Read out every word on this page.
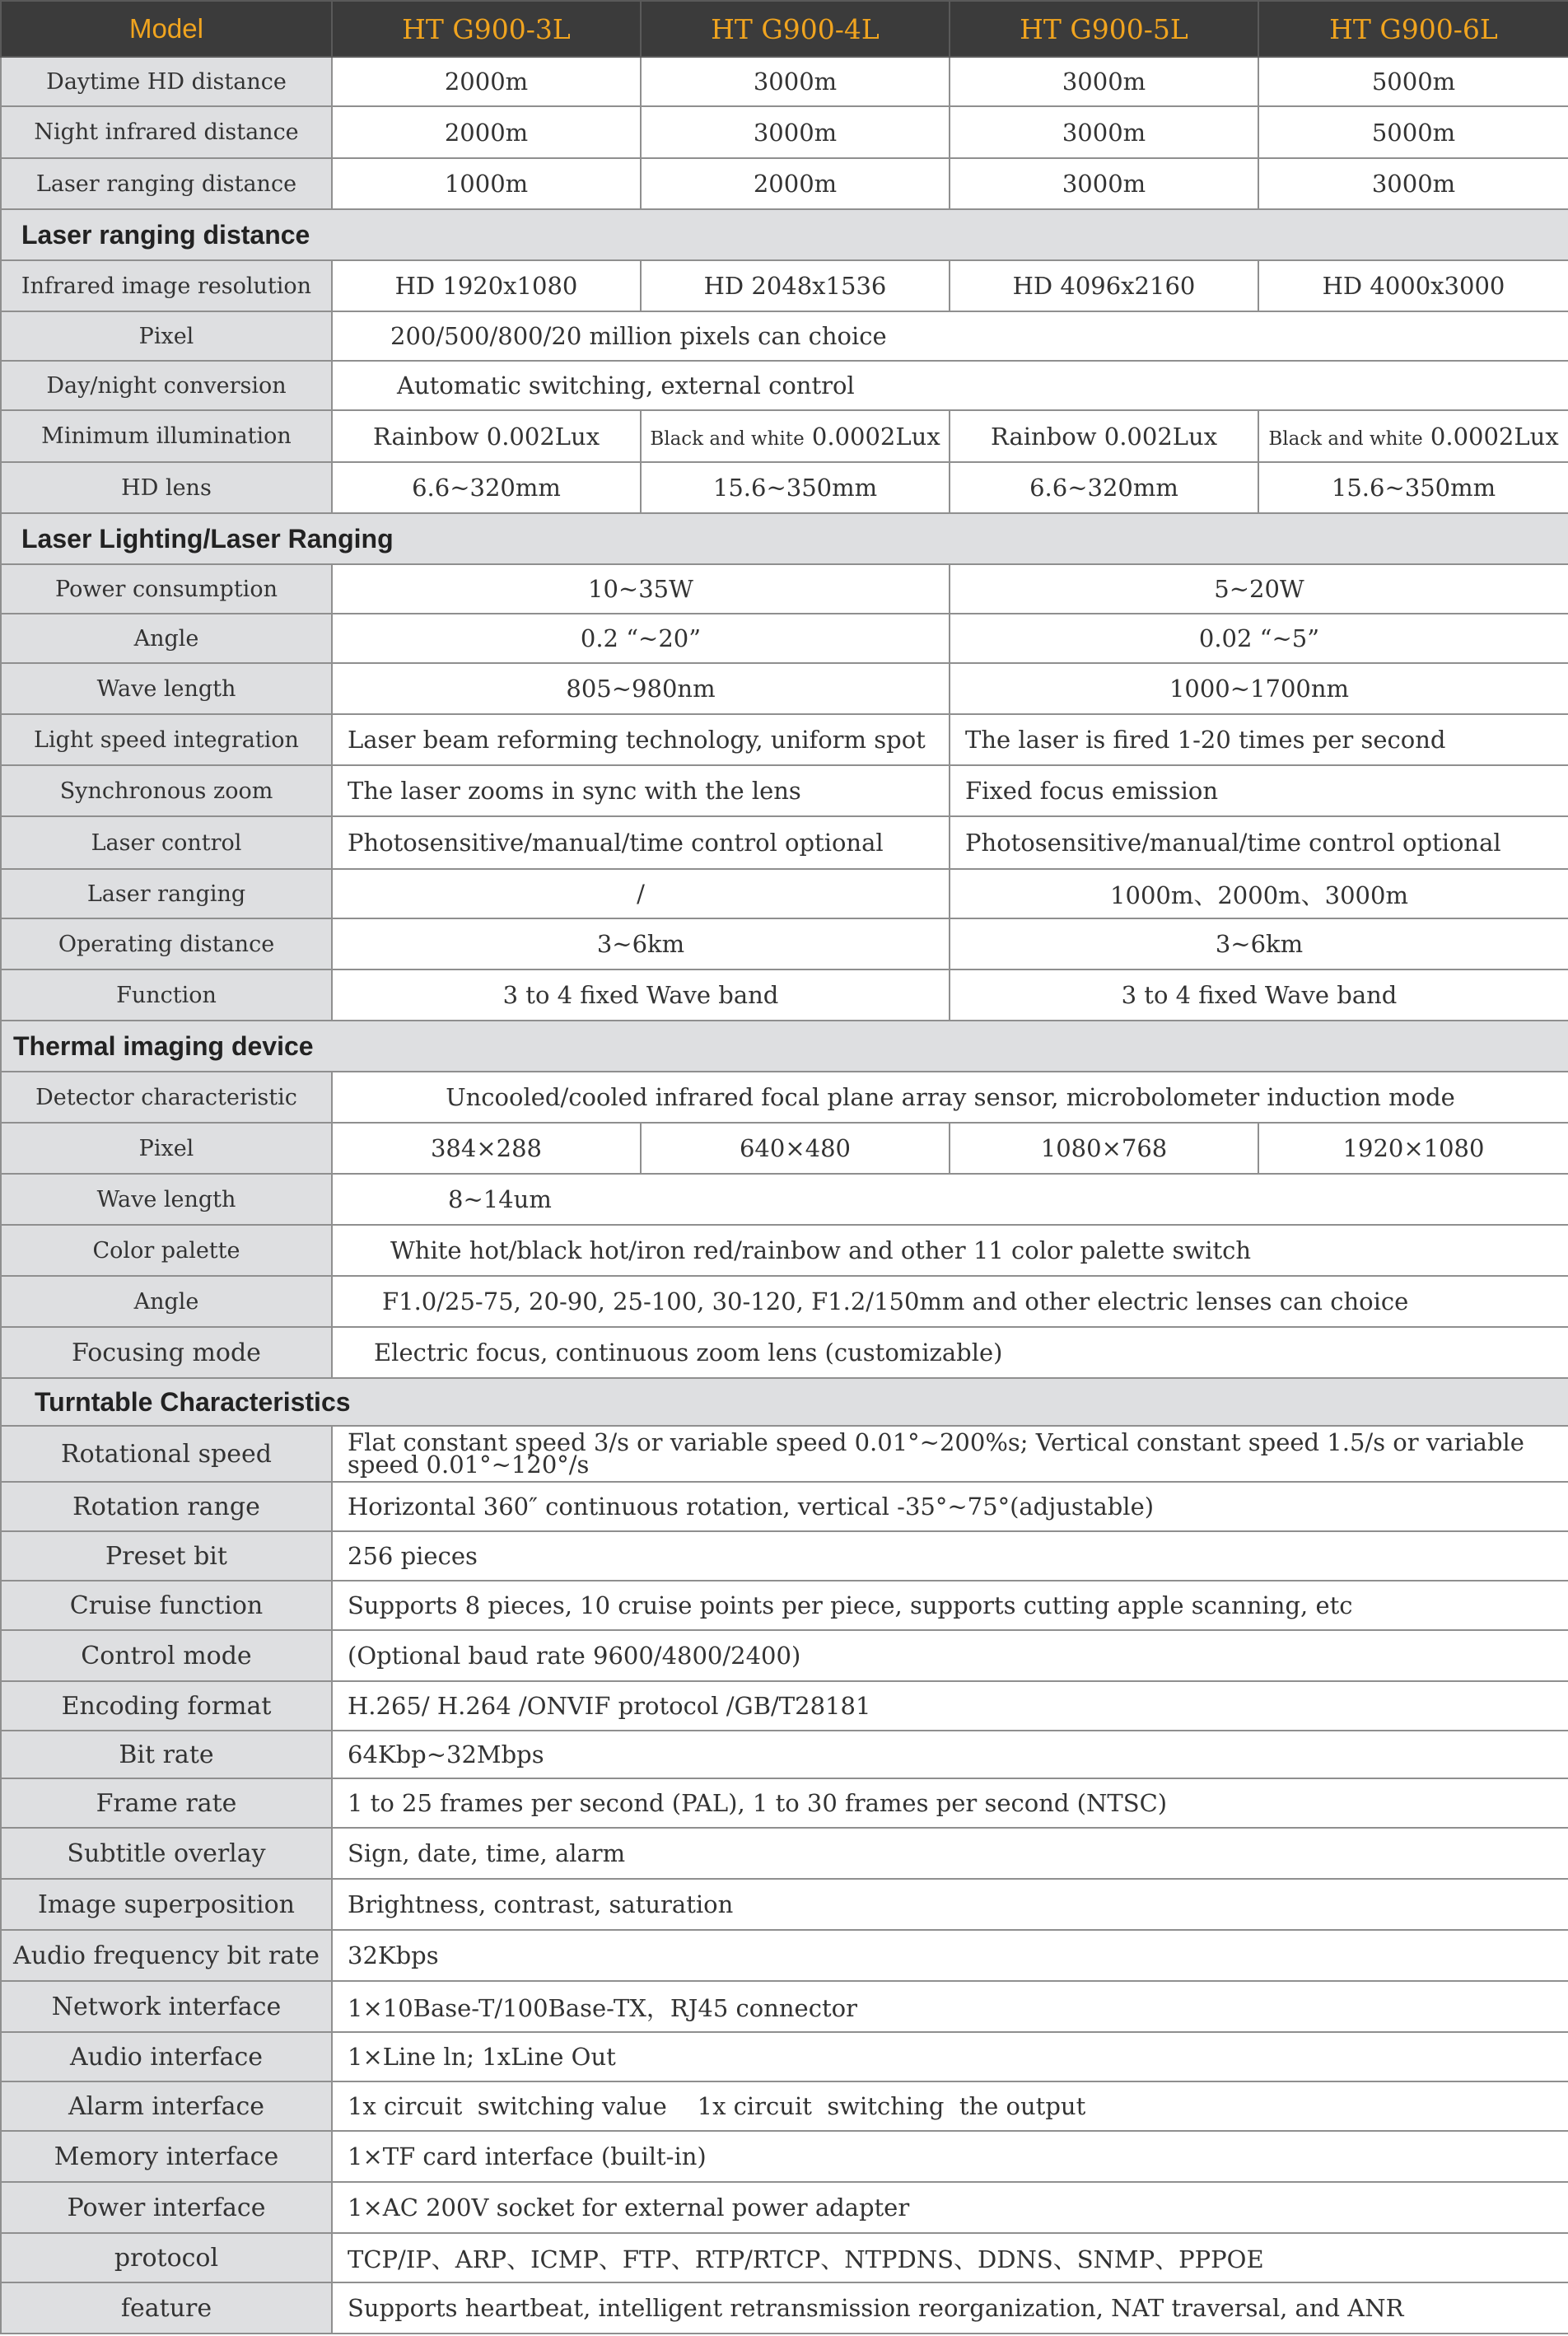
Model	HT G900-3L	HT G900-4L	HT G900-5L	HT G900-6L
Daytime HD distance	2000m	3000m	3000m	5000m
Night infrared distance	2000m	3000m	3000m	5000m
Laser ranging distance	1000m	2000m	3000m	3000m
Laser ranging distance				
Infrared image resolution	HD 1920x1080	HD 2048x1536	HD 4096x2160	HD 4000x3000
Pixel	200/500/800/20 million pixels can choice			
Day/night conversion	Automatic switching, external control			
Minimum illumination	Rainbow 0.002Lux	Black and white 0.0002Lux	Rainbow 0.002Lux	Black and white 0.0002Lux
HD lens	6.6~320mm	15.6~350mm	6.6~320mm	15.6~350mm
Laser Lighting/Laser Ranging				
Power consumption	10~35W		5~20W	
Angle	0.2 “~20”		0.02 “~5”	
Wave length	805~980nm		1000~1700nm	
Light speed integration	Laser beam reforming technology, uniform spot		The laser is fired 1-20 times per second	
Synchronous zoom	The laser zooms in sync with the lens		Fixed focus emission	
Laser control	Photosensitive/manual/time control optional		Photosensitive/manual/time control optional	
Laser ranging	/		1000m、2000m、3000m	
Operating distance	3~6km		3~6km	
Function	3 to 4 fixed Wave band		3 to 4 fixed Wave band	
Thermal imaging device				
Detector characteristic	Uncooled/cooled infrared focal plane array sensor, microbolometer induction mode			
Pixel	384×288	640×480	1080×768	1920×1080
Wave length	8~14um			
Color palette	White hot/black hot/iron red/rainbow and other 11 color palette switch			
Angle	F1.0/25-75, 20-90, 25-100, 30-120, F1.2/150mm and other electric lenses can choice			
Focusing mode	Electric focus, continuous zoom lens (customizable)			
Turntable Characteristics				
Rotational speed	Flat constant speed 3/s or variable speed 0.01°~200%s; Vertical constant speed 1.5/s or variable speed 0.01°~120°/s			
Rotation range	Horizontal 360″ continuous rotation, vertical -35°~75°(adjustable)			
Preset bit	256 pieces			
Cruise function	Supports 8 pieces, 10 cruise points per piece, supports cutting apple scanning, etc			
Control mode	(Optional baud rate 9600/4800/2400)			
Encoding format	H.265/ H.264 /ONVIF protocol /GB/T28181			
Bit rate	64Kbp~32Mbps			
Frame rate	1 to 25 frames per second (PAL), 1 to 30 frames per second (NTSC)			
Subtitle overlay	Sign, date, time, alarm			
Image superposition	Brightness, contrast, saturation			
Audio frequency bit rate	32Kbps			
Network interface	1×10Base-T/100Base-TX，RJ45 connector			
Audio interface	1×Line ln; 1xLine Out			
Alarm interface	1x circuit  switching value    1x circuit  switching  the output			
Memory interface	1×TF card interface (built-in)			
Power interface	1×AC 200V socket for external power adapter			
protocol	TCP/IP、ARP、ICMP、FTP、RTP/RTCP、NTPDNS、DDNS、SNMP、PPPOE			
feature	Supports heartbeat, intelligent retransmission reorganization, NAT traversal, and ANR			
